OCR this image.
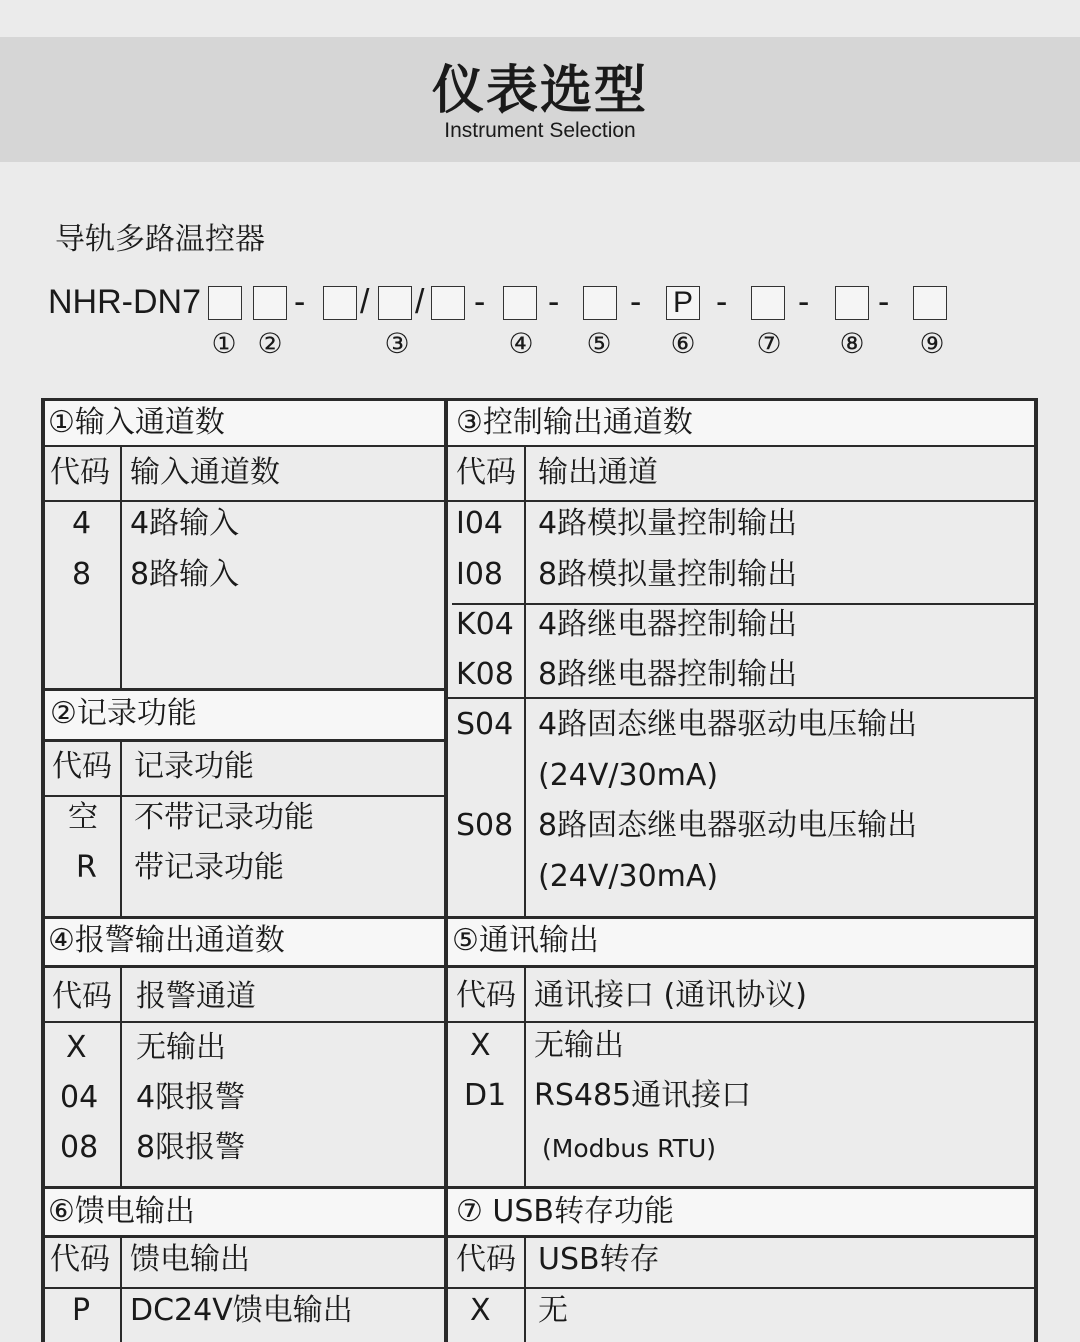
仪表选型
Instrument Selection
导轨多路温控器
NHR-DN7	- / / - - - P - - -
① ②	③	④ ⑤ ⑥ ⑦ ⑧ ⑨
①输入通道数
代码 输入通道数
4 4路输入
8 8路输入
②记录功能
代码 记录功能
空 不带记录功能
R 带记录功能
③控制输出通道数
代码 输出通道
I04 4路模拟量控制输出
I08 8路模拟量控制输出
K04 4路继电器控制输出
K08 8路继电器控制输出
S04 4路固态继电器驱动电压输出
(24V/30mA)
S08 8路固态继电器驱动电压输出
(24V/30mA)
④报警输出通道数
代码 报警通道
X 无输出
04 4限报警
08 8限报警
⑤通讯输出
代码 通讯接口 (通讯协议)
X 无输出
D1 RS485通讯接口
(Modbus RTU)
⑥馈电输出
代码 馈电输出
P DC24V馈电输出
⑦ USB转存功能
代码 USB转存
X 无
